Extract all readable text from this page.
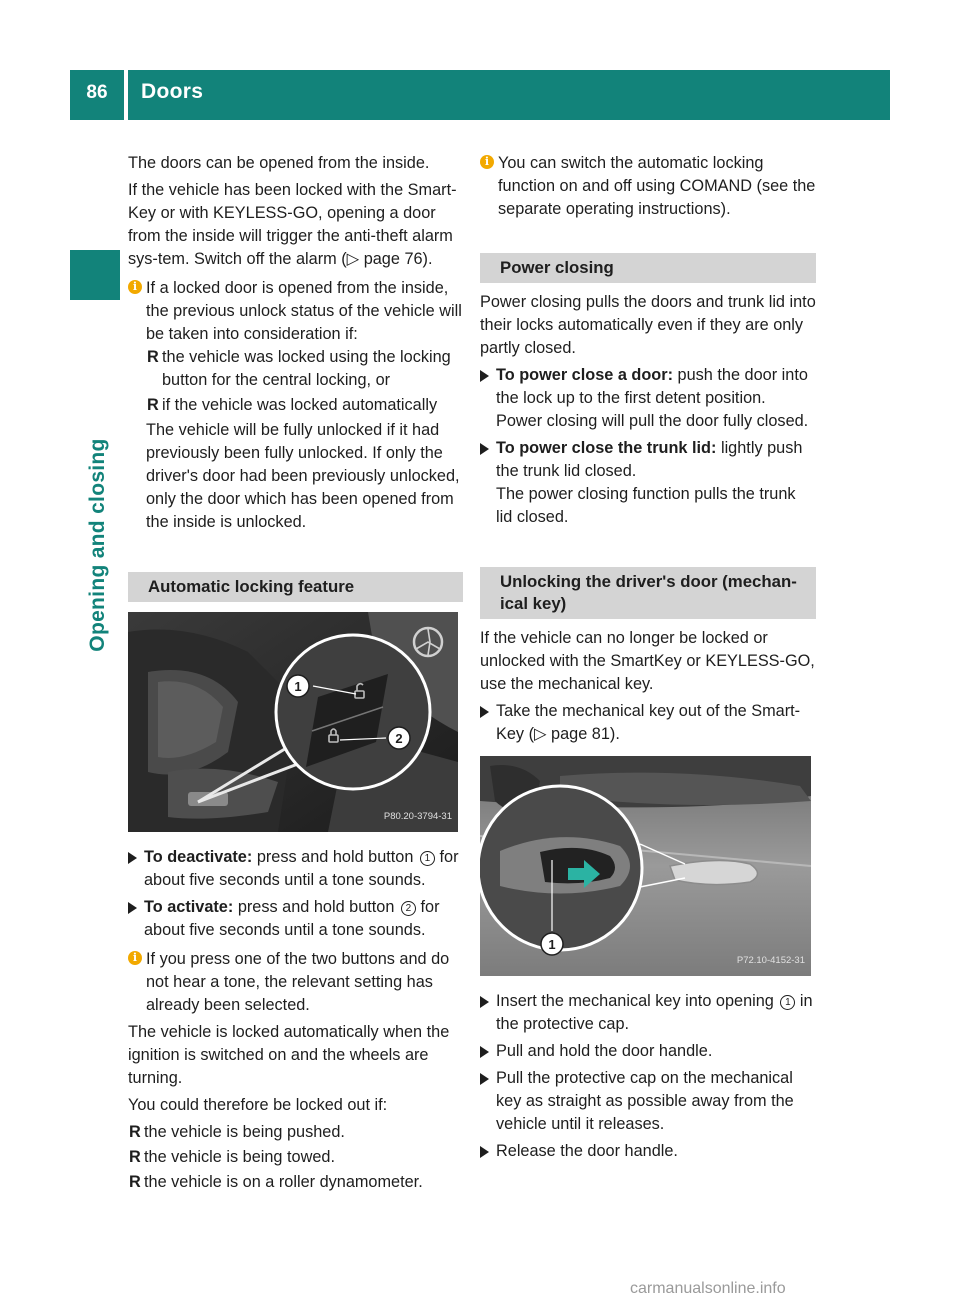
86	Doors
Opening and closing

The doors can be opened from the inside.

If the vehicle has been locked with the Smart-Key or with KEYLESS-GO, opening a door from the inside will trigger the anti-theft alarm sys-tem. Switch off the alarm (▷ page 76).

i If a locked door is opened from the inside, the previous unlock status of the vehicle will be taken into consideration if:
R the vehicle was locked using the locking button for the central locking, or
R if the vehicle was locked automatically
The vehicle will be fully unlocked if it had previously been fully unlocked. If only the driver's door had been previously unlocked, only the door which has been opened from the inside is unlocked.
Automatic locking feature
1
2
P80.20-3794-31
To deactivate: press and hold button 1 for about five seconds until a tone sounds.
To activate: press and hold button 2 for about five seconds until a tone sounds.
i If you press one of the two buttons and do not hear a tone, the relevant setting has already been selected.

The vehicle is locked automatically when the ignition is switched on and the wheels are turning.

You could therefore be locked out if:

R the vehicle is being pushed.
R the vehicle is being towed.
R the vehicle is on a roller dynamometer.
i You can switch the automatic locking function on and off using COMAND (see the separate operating instructions).
Power closing

Power closing pulls the doors and trunk lid into their locks automatically even if they are only partly closed.

To power close a door: push the door into the lock up to the first detent position.
Power closing will pull the door fully closed.
To power close the trunk lid: lightly push the trunk lid closed.
The power closing function pulls the trunk lid closed.
Unlocking the driver's door (mechan-ical key)

If the vehicle can no longer be locked or unlocked with the SmartKey or KEYLESS-GO, use the mechanical key.

Take the mechanical key out of the Smart-Key (▷ page 81).
1
P72.10-4152-31
Insert the mechanical key into opening 1 in the protective cap.
Pull and hold the door handle.
Pull the protective cap on the mechanical key as straight as possible away from the vehicle until it releases.
Release the door handle.
carmanualsonline.info
